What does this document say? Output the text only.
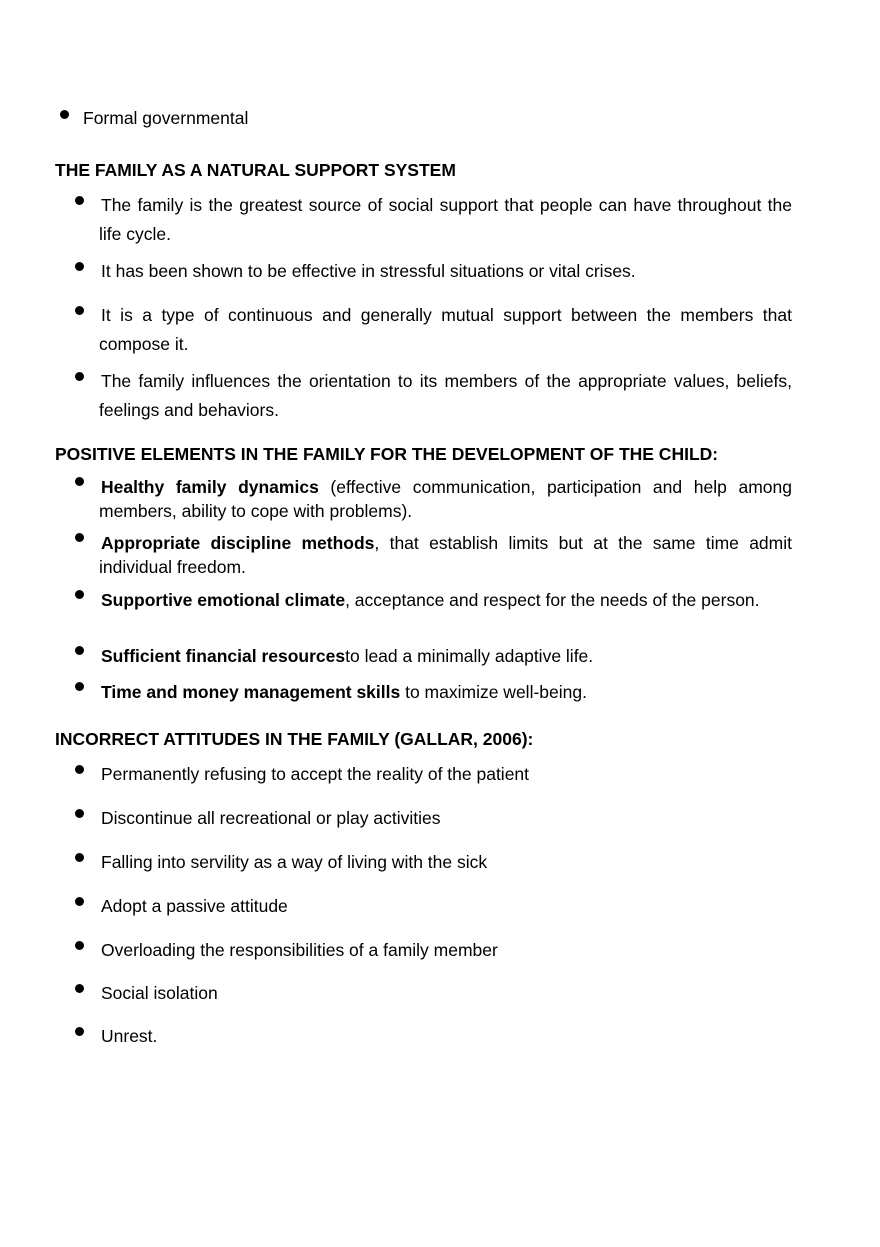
Formal governmental
THE FAMILY AS A NATURAL SUPPORT SYSTEM
The family is the greatest source of social support that people can have throughout the life cycle.
It has been shown to be effective in stressful situations or vital crises.
It is a type of continuous and generally mutual support between the members that compose it.
The family influences the orientation to its members of the appropriate values, beliefs, feelings and behaviors.
POSITIVE ELEMENTS IN THE FAMILY FOR THE DEVELOPMENT OF THE CHILD:
Healthy family dynamics (effective communication, participation and help among members, ability to cope with problems).
Appropriate discipline methods, that establish limits but at the same time admit individual freedom.
Supportive emotional climate, acceptance and respect for the needs of the person.
Sufficient financial resourcesto lead a minimally adaptive life.
Time and money management skills to maximize well-being.
INCORRECT ATTITUDES IN THE FAMILY (GALLAR, 2006):
Permanently refusing to accept the reality of the patient
Discontinue all recreational or play activities
Falling into servility as a way of living with the sick
Adopt a passive attitude
Overloading the responsibilities of a family member
Social isolation
Unrest.
